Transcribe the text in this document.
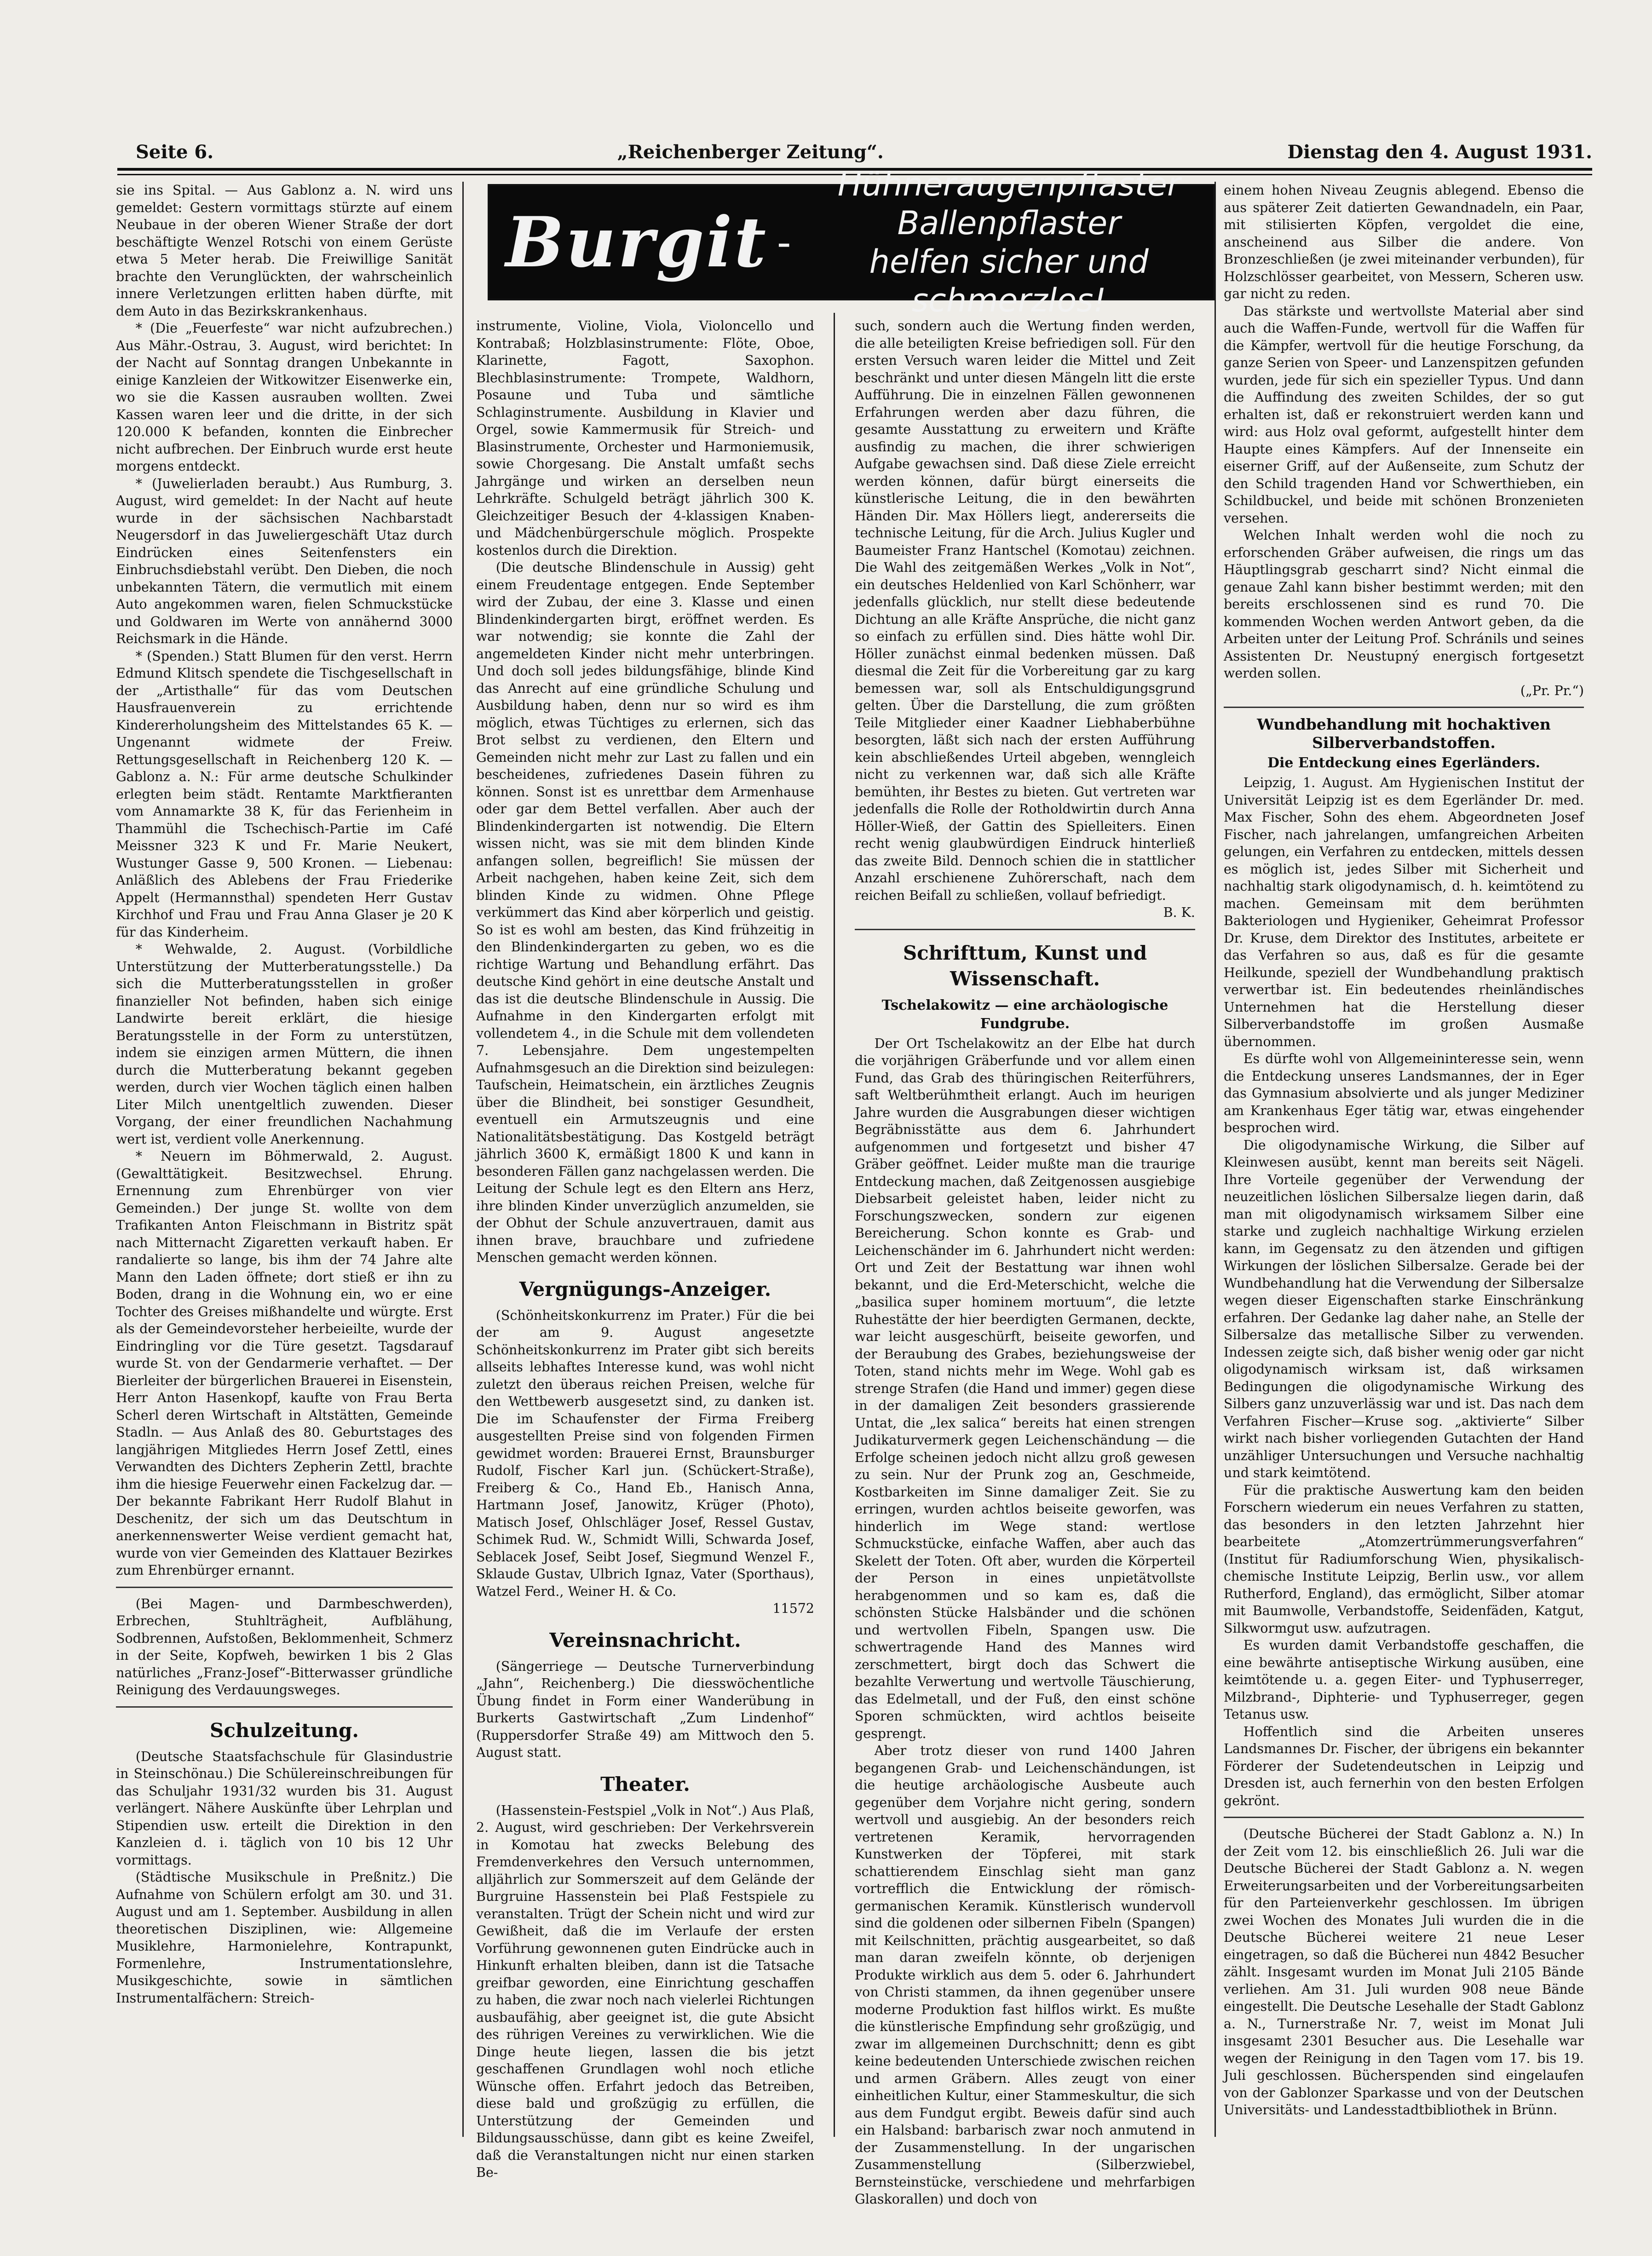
Seite 6.	„Reichenberger Zeitung“.	Dienstag den 4. August 1931.
Burgit -
Hühneraugenpflaster
Ballenpflaster
helfen sicher und schmerzlos!

sie ins Spital. — Aus Gablonz a. N. wird uns gemeldet: Gestern vormittags stürzte auf einem Neubaue in der oberen Wiener Straße der dort beschäftigte Wenzel Rotschi von einem Gerüste etwa 5 Meter herab. Die Freiwillige Sanität brachte den Verunglückten, der wahrscheinlich innere Verletzungen erlitten haben dürfte, mit dem Auto in das Bezirkskrankenhaus.

* (Die „Feuerfeste“ war nicht aufzubrechen.) Aus Mähr.-Ostrau, 3. August, wird berichtet: In der Nacht auf Sonntag drangen Unbekannte in einige Kanzleien der Witkowitzer Eisenwerke ein, wo sie die Kassen ausrauben wollten. Zwei Kassen waren leer und die dritte, in der sich 120.000 K befanden, konnten die Einbrecher nicht aufbrechen. Der Einbruch wurde erst heute morgens entdeckt.

* (Juwelierladen beraubt.) Aus Rumburg, 3. August, wird gemeldet: In der Nacht auf heute wurde in der sächsischen Nachbarstadt Neugersdorf in das Juweliergeschäft Utaz durch Eindrücken eines Seitenfensters ein Einbruchsdiebstahl verübt. Den Dieben, die noch unbekannten Tätern, die vermutlich mit einem Auto angekommen waren, fielen Schmuckstücke und Goldwaren im Werte von annähernd 3000 Reichsmark in die Hände.

* (Spenden.) Statt Blumen für den verst. Herrn Edmund Klitsch spendete die Tischgesellschaft in der „Artisthalle“ für das vom Deutschen Hausfrauenverein zu errichtende Kindererholungsheim des Mittelstandes 65 K. — Ungenannt widmete der Freiw. Rettungsgesellschaft in Reichenberg 120 K. — Gablonz a. N.: Für arme deutsche Schulkinder erlegten beim städt. Rentamte Marktfieranten vom Annamarkte 38 K, für das Ferienheim in Thammühl die Tschechisch-Partie im Café Meissner 323 K und Fr. Marie Neukert, Wustunger Gasse 9, 500 Kronen. — Liebenau: Anläßlich des Ablebens der Frau Friederike Appelt (Hermannsthal) spendeten Herr Gustav Kirchhof und Frau und Frau Anna Glaser je 20 K für das Kinderheim.

* Wehwalde, 2. August. (Vorbildliche Unterstützung der Mutterberatungsstelle.) Da sich die Mutterberatungsstellen in großer finanzieller Not befinden, haben sich einige Landwirte bereit erklärt, die hiesige Beratungsstelle in der Form zu unterstützen, indem sie einzigen armen Müttern, die ihnen durch die Mutterberatung bekannt gegeben werden, durch vier Wochen täglich einen halben Liter Milch unentgeltlich zuwenden. Dieser Vorgang, der einer freundlichen Nachahmung wert ist, verdient volle Anerkennung.

* Neuern im Böhmerwald, 2. August. (Gewalttätigkeit. Besitzwechsel. Ehrung. Ernennung zum Ehrenbürger von vier Gemeinden.) Der junge St. wollte von dem Trafikanten Anton Fleischmann in Bistritz spät nach Mitternacht Zigaretten verkauft haben. Er randalierte so lange, bis ihm der 74 Jahre alte Mann den Laden öffnete; dort stieß er ihn zu Boden, drang in die Wohnung ein, wo er eine Tochter des Greises mißhandelte und würgte. Erst als der Gemeindevorsteher herbeieilte, wurde der Eindringling vor die Türe gesetzt. Tagsdarauf wurde St. von der Gendarmerie verhaftet. — Der Bierleiter der bürgerlichen Brauerei in Eisenstein, Herr Anton Hasenkopf, kaufte von Frau Berta Scherl deren Wirtschaft in Altstätten, Gemeinde Stadln. — Aus Anlaß des 80. Geburtstages des langjährigen Mitgliedes Herrn Josef Zettl, eines Verwandten des Dichters Zepherin Zettl, brachte ihm die hiesige Feuerwehr einen Fackelzug dar. — Der bekannte Fabrikant Herr Rudolf Blahut in Deschenitz, der sich um das Deutschtum in anerkennenswerter Weise verdient gemacht hat, wurde von vier Gemeinden des Klattauer Bezirkes zum Ehrenbürger ernannt.

(Bei Magen- und Darmbeschwerden), Erbrechen, Stuhlträgheit, Aufblähung, Sodbrennen, Aufstoßen, Beklommenheit, Schmerz in der Seite, Kopfweh, bewirken 1 bis 2 Glas natürliches „Franz-Josef“-Bitterwasser gründliche Reinigung des Verdauungsweges.

Schulzeitung.

(Deutsche Staatsfachschule für Glasindustrie in Steinschönau.) Die Schülereinschreibungen für das Schuljahr 1931/32 wurden bis 31. August verlängert. Nähere Auskünfte über Lehrplan und Stipendien usw. erteilt die Direktion in den Kanzleien d. i. täglich von 10 bis 12 Uhr vormittags.

(Städtische Musikschule in Preßnitz.) Die Aufnahme von Schülern erfolgt am 30. und 31. August und am 1. September. Ausbildung in allen theoretischen Disziplinen, wie: Allgemeine Musiklehre, Harmonielehre, Kontrapunkt, Formenlehre, Instrumentationslehre, Musikgeschichte, sowie in sämtlichen Instrumentalfächern: Streich-

instrumente, Violine, Viola, Violoncello und Kontrabaß; Holzblasinstrumente: Flöte, Oboe, Klarinette, Fagott, Saxophon. Blechblasinstrumente: Trompete, Waldhorn, Posaune und Tuba und sämtliche Schlaginstrumente. Ausbildung in Klavier und Orgel, sowie Kammermusik für Streich- und Blasinstrumente, Orchester und Harmoniemusik, sowie Chorgesang. Die Anstalt umfaßt sechs Jahrgänge und wirken an derselben neun Lehrkräfte. Schulgeld beträgt jährlich 300 K. Gleichzeitiger Besuch der 4-klassigen Knaben- und Mädchenbürgerschule möglich. Prospekte kostenlos durch die Direktion.

(Die deutsche Blindenschule in Aussig) geht einem Freudentage entgegen. Ende September wird der Zubau, der eine 3. Klasse und einen Blindenkindergarten birgt, eröffnet werden. Es war notwendig; sie konnte die Zahl der angemeldeten Kinder nicht mehr unterbringen. Und doch soll jedes bildungsfähige, blinde Kind das Anrecht auf eine gründliche Schulung und Ausbildung haben, denn nur so wird es ihm möglich, etwas Tüchtiges zu erlernen, sich das Brot selbst zu verdienen, den Eltern und Gemeinden nicht mehr zur Last zu fallen und ein bescheidenes, zufriedenes Dasein führen zu können. Sonst ist es unrettbar dem Armenhause oder gar dem Bettel verfallen. Aber auch der Blindenkindergarten ist notwendig. Die Eltern wissen nicht, was sie mit dem blinden Kinde anfangen sollen, begreiflich! Sie müssen der Arbeit nachgehen, haben keine Zeit, sich dem blinden Kinde zu widmen. Ohne Pflege verkümmert das Kind aber körperlich und geistig. So ist es wohl am besten, das Kind frühzeitig in den Blindenkindergarten zu geben, wo es die richtige Wartung und Behandlung erfährt. Das deutsche Kind gehört in eine deutsche Anstalt und das ist die deutsche Blindenschule in Aussig. Die Aufnahme in den Kindergarten erfolgt mit vollendetem 4., in die Schule mit dem vollendeten 7. Lebensjahre. Dem ungestempelten Aufnahmsgesuch an die Direktion sind beizulegen: Taufschein, Heimatschein, ein ärztliches Zeugnis über die Blindheit, bei sonstiger Gesundheit, eventuell ein Armutszeugnis und eine Nationalitätsbestätigung. Das Kostgeld beträgt jährlich 3600 K, ermäßigt 1800 K und kann in besonderen Fällen ganz nachgelassen werden. Die Leitung der Schule legt es den Eltern ans Herz, ihre blinden Kinder unverzüglich anzumelden, sie der Obhut der Schule anzuvertrauen, damit aus ihnen brave, brauchbare und zufriedene Menschen gemacht werden können.

Vergnügungs-Anzeiger.

(Schönheitskonkurrenz im Prater.) Für die bei der am 9. August angesetzte Schönheitskonkurrenz im Prater gibt sich bereits allseits lebhaftes Interesse kund, was wohl nicht zuletzt den überaus reichen Preisen, welche für den Wettbewerb ausgesetzt sind, zu danken ist. Die im Schaufenster der Firma Freiberg ausgestellten Preise sind von folgenden Firmen gewidmet worden: Brauerei Ernst, Braunsburger Rudolf, Fischer Karl jun. (Schückert-Straße), Freiberg & Co., Hand Eb., Hanisch Anna, Hartmann Josef, Janowitz, Krüger (Photo), Matisch Josef, Ohlschläger Josef, Ressel Gustav, Schimek Rud. W., Schmidt Willi, Schwarda Josef, Seblacek Josef, Seibt Josef, Siegmund Wenzel F., Sklaude Gustav, Ulbrich Ignaz, Vater (Sporthaus), Watzel Ferd., Weiner H. & Co.

11572
Vereinsnachricht.

(Sängerriege — Deutsche Turnerverbindung „Jahn“, Reichenberg.) Die diesswöchentliche Übung findet in Form einer Wanderübung in Burkerts Gastwirtschaft „Zum Lindenhof“ (Ruppersdorfer Straße 49) am Mittwoch den 5. August statt.

Theater.

(Hassenstein-Festspiel „Volk in Not“.) Aus Plaß, 2. August, wird geschrieben: Der Verkehrsverein in Komotau hat zwecks Belebung des Fremdenverkehres den Versuch unternommen, alljährlich zur Sommerszeit auf dem Gelände der Burgruine Hassenstein bei Plaß Festspiele zu veranstalten. Trügt der Schein nicht und wird zur Gewißheit, daß die im Verlaufe der ersten Vorführung gewonnenen guten Eindrücke auch in Hinkunft erhalten bleiben, dann ist die Tatsache greifbar geworden, eine Einrichtung geschaffen zu haben, die zwar noch nach vielerlei Richtungen ausbaufähig, aber geeignet ist, die gute Absicht des rührigen Vereines zu verwirklichen. Wie die Dinge heute liegen, lassen die bis jetzt geschaffenen Grundlagen wohl noch etliche Wünsche offen. Erfahrt jedoch das Betreiben, diese bald und großzügig zu erfüllen, die Unterstützung der Gemeinden und Bildungsausschüsse, dann gibt es keine Zweifel, daß die Veranstaltungen nicht nur einen starken Be-

such, sondern auch die Wertung finden werden, die alle beteiligten Kreise befriedigen soll. Für den ersten Versuch waren leider die Mittel und Zeit beschränkt und unter diesen Mängeln litt die erste Aufführung. Die in einzelnen Fällen gewonnenen Erfahrungen werden aber dazu führen, die gesamte Ausstattung zu erweitern und Kräfte ausfindig zu machen, die ihrer schwierigen Aufgabe gewachsen sind. Daß diese Ziele erreicht werden können, dafür bürgt einerseits die künstlerische Leitung, die in den bewährten Händen Dir. Max Höllers liegt, andererseits die technische Leitung, für die Arch. Julius Kugler und Baumeister Franz Hantschel (Komotau) zeichnen. Die Wahl des zeitgemäßen Werkes „Volk in Not“, ein deutsches Heldenlied von Karl Schönherr, war jedenfalls glücklich, nur stellt diese bedeutende Dichtung an alle Kräfte Ansprüche, die nicht ganz so einfach zu erfüllen sind. Dies hätte wohl Dir. Höller zunächst einmal bedenken müssen. Daß diesmal die Zeit für die Vorbereitung gar zu karg bemessen war, soll als Entschuldigungsgrund gelten. Über die Darstellung, die zum größten Teile Mitglieder einer Kaadner Liebhaberbühne besorgten, läßt sich nach der ersten Aufführung kein abschließendes Urteil abgeben, wenngleich nicht zu verkennen war, daß sich alle Kräfte bemühten, ihr Bestes zu bieten. Gut vertreten war jedenfalls die Rolle der Rotholdwirtin durch Anna Höller-Wieß, der Gattin des Spielleiters. Einen recht wenig glaubwürdigen Eindruck hinterließ das zweite Bild. Dennoch schien die in stattlicher Anzahl erschienene Zuhörerschaft, nach dem reichen Beifall zu schließen, vollauf befriedigt.

B. K.
Schrifttum, Kunst und Wissenschaft.
Tschelakowitz — eine archäologische Fundgrube.

Der Ort Tschelakowitz an der Elbe hat durch die vorjährigen Gräberfunde und vor allem einen Fund, das Grab des thüringischen Reiterführers, saft Weltberühmtheit erlangt. Auch im heurigen Jahre wurden die Ausgrabungen dieser wichtigen Begräbnisstätte aus dem 6. Jahrhundert aufgenommen und fortgesetzt und bisher 47 Gräber geöffnet. Leider mußte man die traurige Entdeckung machen, daß Zeitgenossen ausgiebige Diebsarbeit geleistet haben, leider nicht zu Forschungszwecken, sondern zur eigenen Bereicherung. Schon konnte es Grab- und Leichenschänder im 6. Jahrhundert nicht werden: Ort und Zeit der Bestattung war ihnen wohl bekannt, und die Erd-Meterschicht, welche die „basilica super hominem mortuum“, die letzte Ruhestätte der hier beerdigten Germanen, deckte, war leicht ausgeschürft, beiseite geworfen, und der Beraubung des Grabes, beziehungsweise der Toten, stand nichts mehr im Wege. Wohl gab es strenge Strafen (die Hand und immer) gegen diese in der damaligen Zeit besonders grassierende Untat, die „lex salica“ bereits hat einen strengen Judikaturvermerk gegen Leichenschändung — die Erfolge scheinen jedoch nicht allzu groß gewesen zu sein. Nur der Prunk zog an, Geschmeide, Kostbarkeiten im Sinne damaliger Zeit. Sie zu erringen, wurden achtlos beiseite geworfen, was hinderlich im Wege stand: wertlose Schmuckstücke, einfache Waffen, aber auch das Skelett der Toten. Oft aber, wurden die Körperteil der Person in eines unpietätvollste herabgenommen und so kam es, daß die schönsten Stücke Halsbänder und die schönen und wertvollen Fibeln, Spangen usw. Die schwertragende Hand des Mannes wird zerschmettert, birgt doch das Schwert die bezahlte Verwertung und wertvolle Täuschierung, das Edelmetall, und der Fuß, den einst schöne Sporen schmückten, wird achtlos beiseite gesprengt.

Aber trotz dieser von rund 1400 Jahren begangenen Grab- und Leichenschändungen, ist die heutige archäologische Ausbeute auch gegenüber dem Vorjahre nicht gering, sondern wertvoll und ausgiebig. An der besonders reich vertretenen Keramik, hervorragenden Kunstwerken der Töpferei, mit stark schattierendem Einschlag sieht man ganz vortrefflich die Entwicklung der römisch-germanischen Keramik. Künstlerisch wundervoll sind die goldenen oder silbernen Fibeln (Spangen) mit Keilschnitten, prächtig ausgearbeitet, so daß man daran zweifeln könnte, ob derjenigen Produkte wirklich aus dem 5. oder 6. Jahrhundert von Christi stammen, da ihnen gegenüber unsere moderne Produktion fast hilflos wirkt. Es mußte die künstlerische Empfindung sehr großzügig, und zwar im allgemeinen Durchschnitt; denn es gibt keine bedeutenden Unterschiede zwischen reichen und armen Gräbern. Alles zeugt von einer einheitlichen Kultur, einer Stammeskultur, die sich aus dem Fundgut ergibt. Beweis dafür sind auch ein Halsband: barbarisch zwar noch anmutend in der Zusammenstellung. In der ungarischen Zusammenstellung (Silberzwiebel, Bernsteinstücke, verschiedene und mehrfarbigen Glaskorallen) und doch von

einem hohen Niveau Zeugnis ablegend. Ebenso die aus späterer Zeit datierten Gewandnadeln, ein Paar, mit stilisierten Köpfen, vergoldet die eine, anscheinend aus Silber die andere. Von Bronzeschließen (je zwei miteinander verbunden), für Holzschlösser gearbeitet, von Messern, Scheren usw. gar nicht zu reden.

Das stärkste und wertvollste Material aber sind auch die Waffen-Funde, wertvoll für die Waffen für die Kämpfer, wertvoll für die heutige Forschung, da ganze Serien von Speer- und Lanzenspitzen gefunden wurden, jede für sich ein spezieller Typus. Und dann die Auffindung des zweiten Schildes, der so gut erhalten ist, daß er rekonstruiert werden kann und wird: aus Holz oval geformt, aufgestellt hinter dem Haupte eines Kämpfers. Auf der Innenseite ein eiserner Griff, auf der Außenseite, zum Schutz der den Schild tragenden Hand vor Schwerthieben, ein Schildbuckel, und beide mit schönen Bronzenieten versehen.

Welchen Inhalt werden wohl die noch zu erforschenden Gräber aufweisen, die rings um das Häuptlingsgrab gescharrt sind? Nicht einmal die genaue Zahl kann bisher bestimmt werden; mit den bereits erschlossenen sind es rund 70. Die kommenden Wochen werden Antwort geben, da die Arbeiten unter der Leitung Prof. Schránils und seines Assistenten Dr. Neustupný energisch fortgesetzt werden sollen.

(„Pr. Pr.“)
Wundbehandlung mit hochaktiven Silberverbandstoffen.
Die Entdeckung eines Egerländers.

Leipzig, 1. August. Am Hygienischen Institut der Universität Leipzig ist es dem Egerländer Dr. med. Max Fischer, Sohn des ehem. Abgeordneten Josef Fischer, nach jahrelangen, umfangreichen Arbeiten gelungen, ein Verfahren zu entdecken, mittels dessen es möglich ist, jedes Silber mit Sicherheit und nachhaltig stark oligodynamisch, d. h. keimtötend zu machen. Gemeinsam mit dem berühmten Bakteriologen und Hygieniker, Geheimrat Professor Dr. Kruse, dem Direktor des Institutes, arbeitete er das Verfahren so aus, daß es für die gesamte Heilkunde, speziell der Wundbehandlung praktisch verwertbar ist. Ein bedeutendes rheinländisches Unternehmen hat die Herstellung dieser Silberverbandstoffe im großen Ausmaße übernommen.

Es dürfte wohl von Allgemeininteresse sein, wenn die Entdeckung unseres Landsmannes, der in Eger das Gymnasium absolvierte und als junger Mediziner am Krankenhaus Eger tätig war, etwas eingehender besprochen wird.

Die oligodynamische Wirkung, die Silber auf Kleinwesen ausübt, kennt man bereits seit Nägeli. Ihre Vorteile gegenüber der Verwendung der neuzeitlichen löslichen Silbersalze liegen darin, daß man mit oligodynamisch wirksamem Silber eine starke und zugleich nachhaltige Wirkung erzielen kann, im Gegensatz zu den ätzenden und giftigen Wirkungen der löslichen Silbersalze. Gerade bei der Wundbehandlung hat die Verwendung der Silbersalze wegen dieser Eigenschaften starke Einschränkung erfahren. Der Gedanke lag daher nahe, an Stelle der Silbersalze das metallische Silber zu verwenden. Indessen zeigte sich, daß bisher wenig oder gar nicht oligodynamisch wirksam ist, daß wirksamen Bedingungen die oligodynamische Wirkung des Silbers ganz unzuverlässig war und ist. Das nach dem Verfahren Fischer—Kruse sog. „aktivierte“ Silber wirkt nach bisher vorliegenden Gutachten der Hand unzähliger Untersuchungen und Versuche nachhaltig und stark keimtötend.

Für die praktische Auswertung kam den beiden Forschern wiederum ein neues Verfahren zu statten, das besonders in den letzten Jahrzehnt hier bearbeitete „Atomzertrümmerungsverfahren“ (Institut für Radiumforschung Wien, physikalisch-chemische Institute Leipzig, Berlin usw., vor allem Rutherford, England), das ermöglicht, Silber atomar mit Baumwolle, Verbandstoffe, Seidenfäden, Katgut, Silkwormgut usw. aufzutragen.

Es wurden damit Verbandstoffe geschaffen, die eine bewährte antiseptische Wirkung ausüben, eine keimtötende u. a. gegen Eiter- und Typhuserreger, Milzbrand-, Diphterie- und Typhuserreger, gegen Tetanus usw.

Hoffentlich sind die Arbeiten unseres Landsmannes Dr. Fischer, der übrigens ein bekannter Förderer der Sudetendeutschen in Leipzig und Dresden ist, auch fernerhin von den besten Erfolgen gekrönt.

(Deutsche Bücherei der Stadt Gablonz a. N.) In der Zeit vom 12. bis einschließlich 26. Juli war die Deutsche Bücherei der Stadt Gablonz a. N. wegen Erweiterungsarbeiten und der Vorbereitungsarbeiten für den Parteienverkehr geschlossen. Im übrigen zwei Wochen des Monates Juli wurden die in die Deutsche Bücherei weitere 21 neue Leser eingetragen, so daß die Bücherei nun 4842 Besucher zählt. Insgesamt wurden im Monat Juli 2105 Bände verliehen. Am 31. Juli wurden 908 neue Bände eingestellt. Die Deutsche Lesehalle der Stadt Gablonz a. N., Turnerstraße Nr. 7, weist im Monat Juli insgesamt 2301 Besucher aus. Die Lesehalle war wegen der Reinigung in den Tagen vom 17. bis 19. Juli geschlossen. Bücherspenden sind eingelaufen von der Gablonzer Sparkasse und von der Deutschen Universitäts- und Landesstadtbibliothek in Brünn.
